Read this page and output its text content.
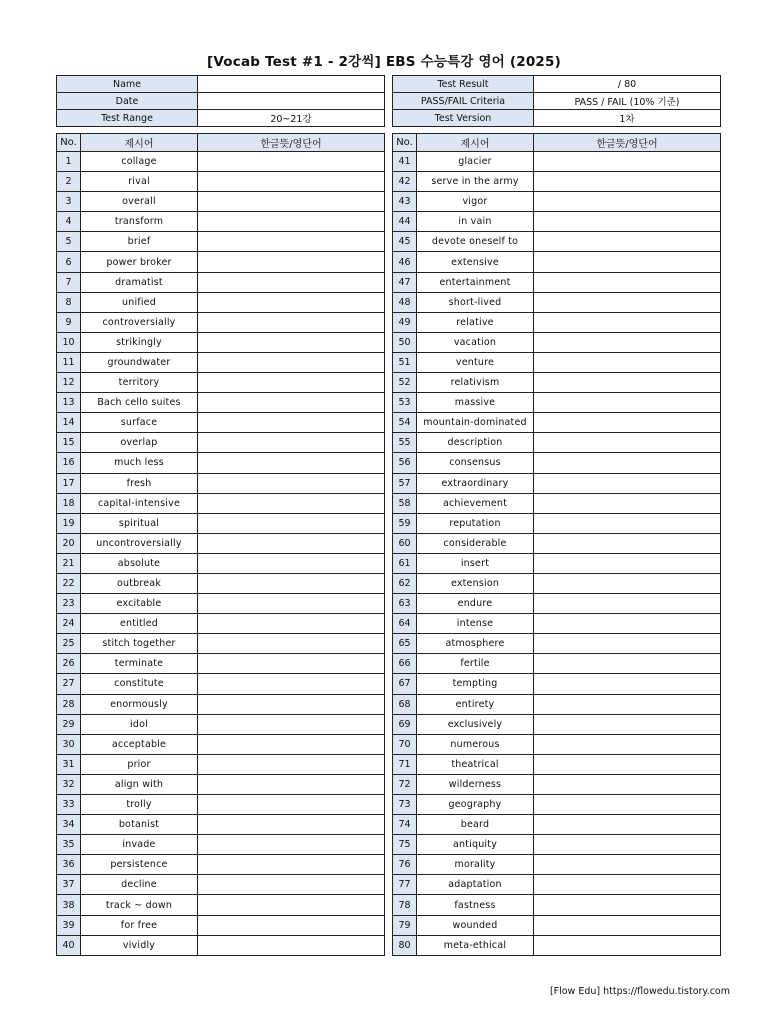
[Vocab Test #1 - 2강씩] EBS 수능특강 영어 (2025)
Name	
Date	
Test Range	20~21강
Test Result	/ 80
PASS/FAIL Criteria	PASS / FAIL (10% 기준)
Test Version	1차
No.	제시어	한글뜻/영단어
1	collage	
2	rival	
3	overall	
4	transform	
5	brief	
6	power broker	
7	dramatist	
8	unified	
9	controversially	
10	strikingly	
11	groundwater	
12	territory	
13	Bach cello suites	
14	surface	
15	overlap	
16	much less	
17	fresh	
18	capital-intensive	
19	spiritual	
20	uncontroversially	
21	absolute	
22	outbreak	
23	excitable	
24	entitled	
25	stitch together	
26	terminate	
27	constitute	
28	enormously	
29	idol	
30	acceptable	
31	prior	
32	align with	
33	trolly	
34	botanist	
35	invade	
36	persistence	
37	decline	
38	track ~ down	
39	for free	
40	vividly	
No.	제시어	한글뜻/영단어
41	glacier	
42	serve in the army	
43	vigor	
44	in vain	
45	devote oneself to	
46	extensive	
47	entertainment	
48	short-lived	
49	relative	
50	vacation	
51	venture	
52	relativism	
53	massive	
54	mountain-dominated	
55	description	
56	consensus	
57	extraordinary	
58	achievement	
59	reputation	
60	considerable	
61	insert	
62	extension	
63	endure	
64	intense	
65	atmosphere	
66	fertile	
67	tempting	
68	entirety	
69	exclusively	
70	numerous	
71	theatrical	
72	wilderness	
73	geography	
74	beard	
75	antiquity	
76	morality	
77	adaptation	
78	fastness	
79	wounded	
80	meta-ethical	
[Flow Edu] https://flowedu.tistory.com
